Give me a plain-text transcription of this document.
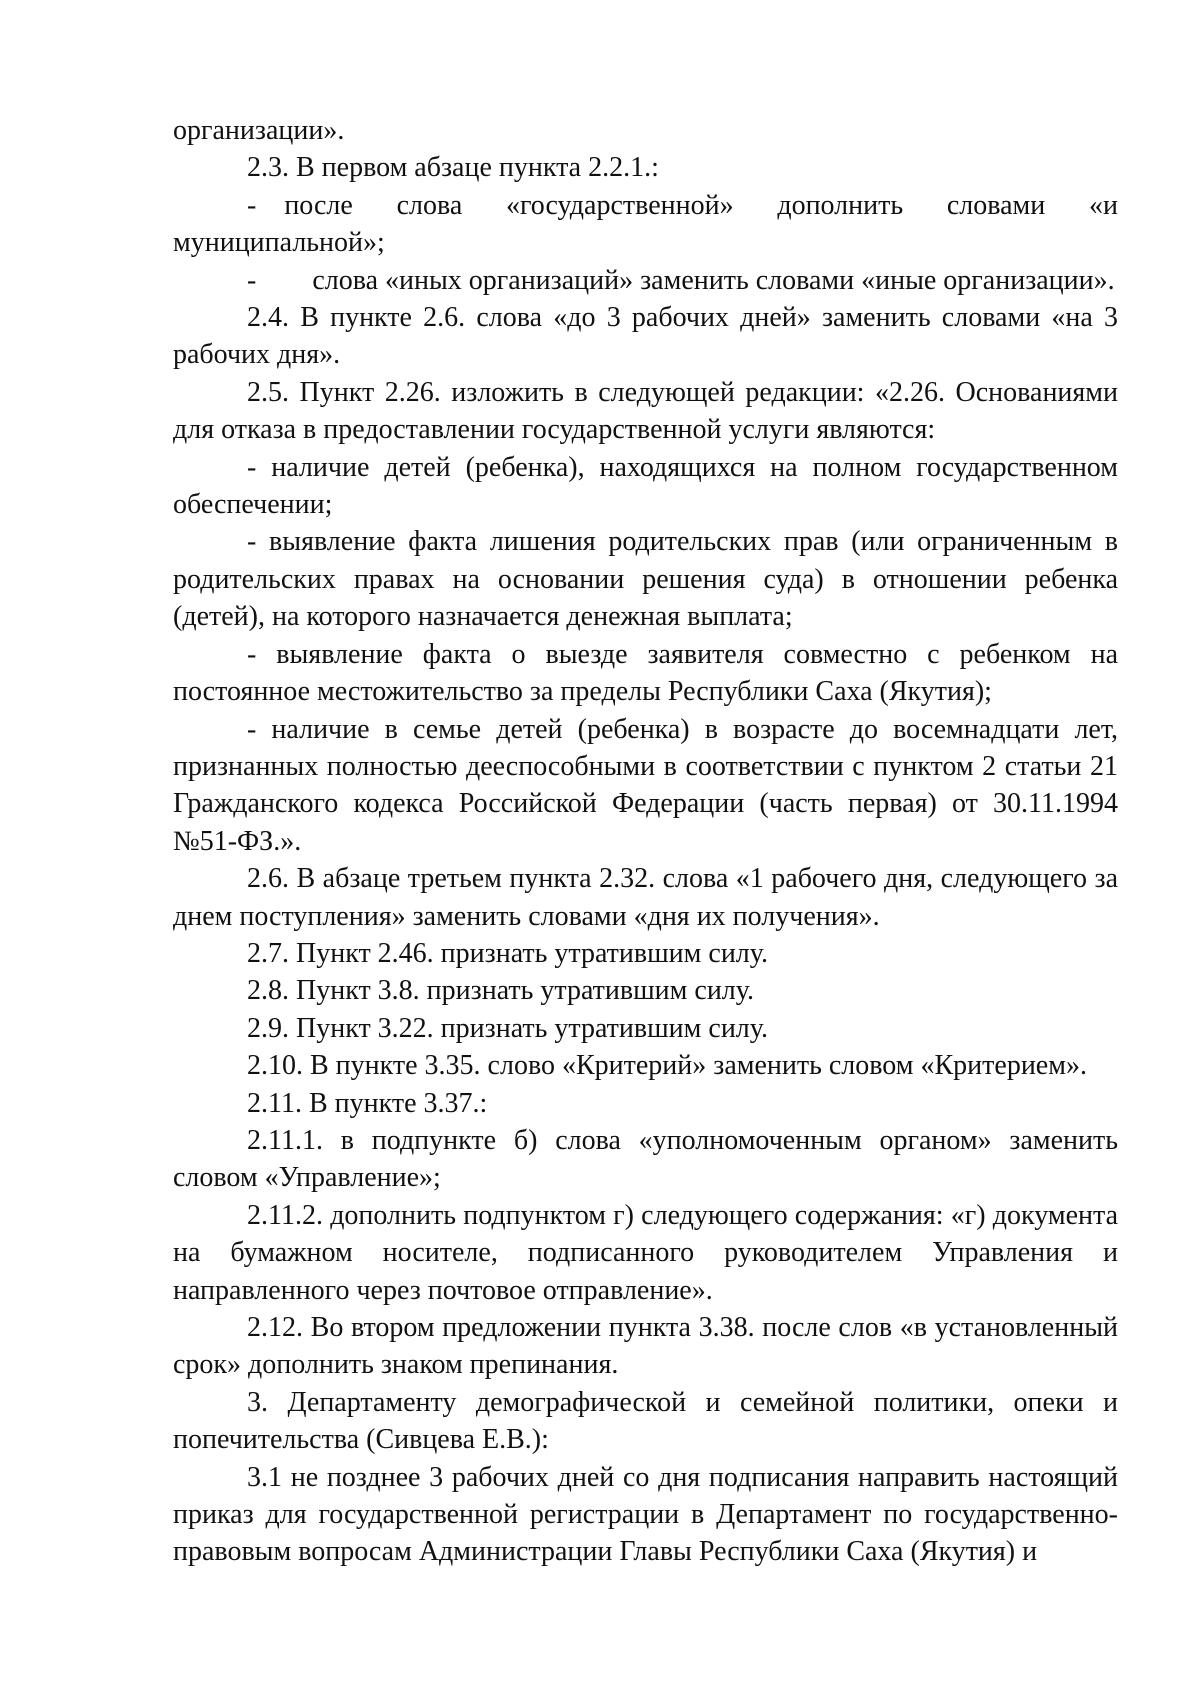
организации».

2.3. В первом абзаце пункта 2.2.1.:

- после слова «государственной» дополнить словами «и муниципальной»;

-  слова «иных организаций» заменить словами «иные организации».

2.4. В пункте 2.6. слова «до 3 рабочих дней» заменить словами «на 3 рабочих дня».

2.5. Пункт 2.26. изложить в следующей редакции: «2.26. Основаниями для отказа в предоставлении государственной услуги являются:

- наличие детей (ребенка), находящихся на полном государственном обеспечении;

- выявление факта лишения родительских прав (или ограниченным в родительских правах на основании решения суда) в отношении ребенка (детей), на которого назначается денежная выплата;

- выявление факта о выезде заявителя совместно с ребенком на постоянное местожительство за пределы Республики Саха (Якутия);

- наличие в семье детей (ребенка) в возрасте до восемнадцати лет, признанных полностью дееспособными в соответствии с пунктом 2 статьи 21 Гражданского кодекса Российской Федерации (часть первая) от 30.11.1994 №51-ФЗ.».

2.6. В абзаце третьем пункта 2.32. слова «1 рабочего дня, следующего за днем поступления» заменить словами «дня их получения».

2.7. Пункт 2.46. признать утратившим силу.

2.8. Пункт 3.8. признать утратившим силу.

2.9. Пункт 3.22. признать утратившим силу.

2.10. В пункте 3.35. слово «Критерий» заменить словом «Критерием».

2.11. В пункте 3.37.:

2.11.1. в подпункте б) слова «уполномоченным органом» заменить словом «Управление»;

2.11.2. дополнить подпунктом г) следующего содержания: «г) документа на бумажном носителе, подписанного руководителем Управления и направленного через почтовое отправление».

2.12. Во втором предложении пункта 3.38. после слов «в установленный срок» дополнить знаком препинания.

3. Департаменту демографической и семейной политики, опеки и попечительства (Сивцева Е.В.):

3.1 не позднее 3 рабочих дней со дня подписания направить настоящий приказ для государственной регистрации в Департамент по государственно-правовым вопросам Администрации Главы Республики Саха (Якутия) и
